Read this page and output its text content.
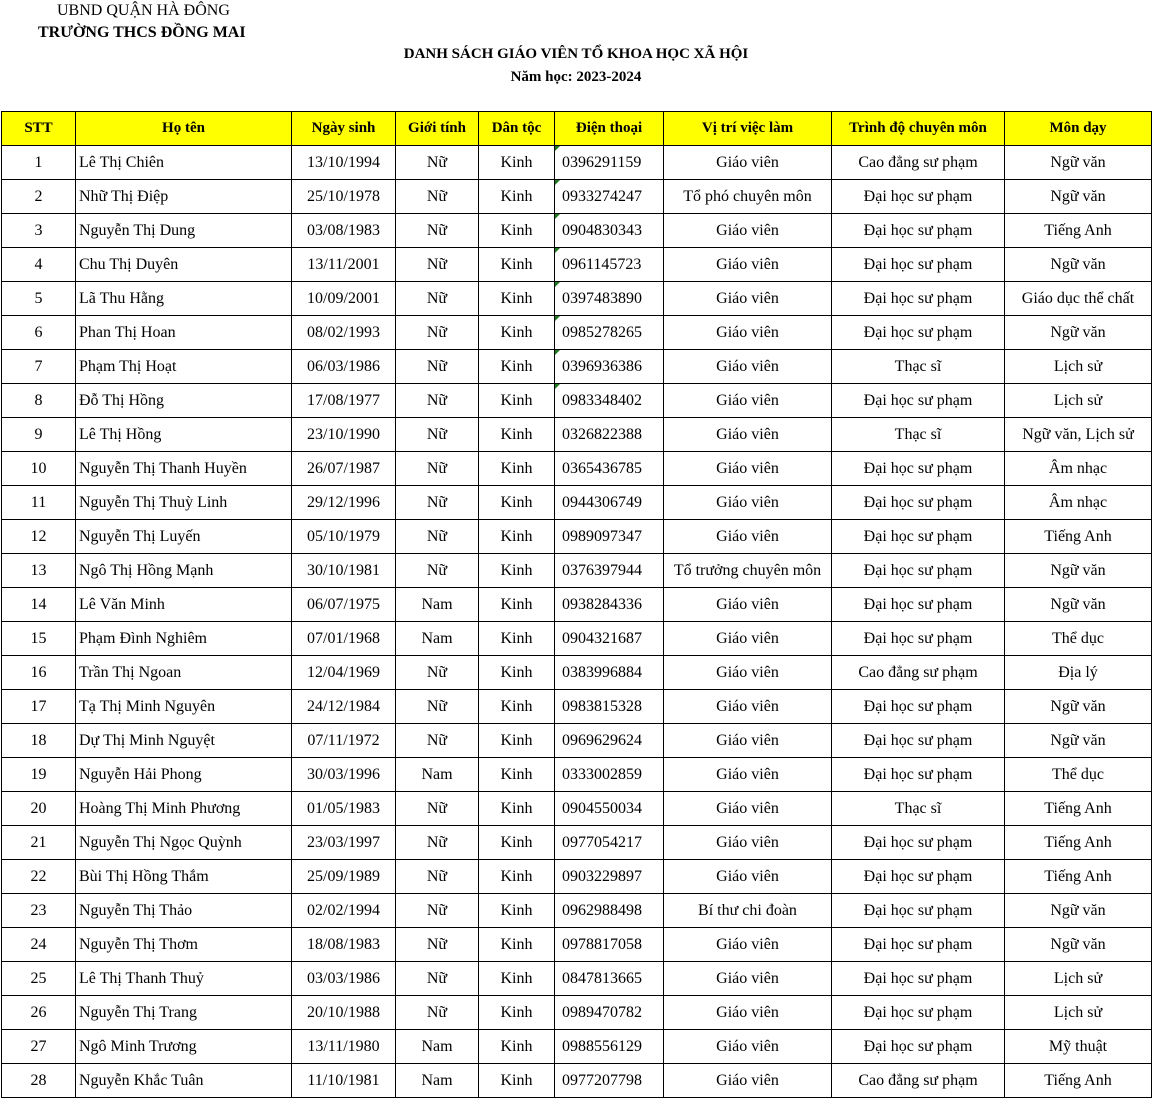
UBND QUẬN HÀ ĐÔNG
TRƯỜNG THCS ĐỒNG MAI
DANH SÁCH GIÁO VIÊN TỔ KHOA HỌC XÃ HỘI
Năm học: 2023-2024
STT	Họ tên	Ngày sinh	Giới tính	Dân tộc	Điện thoại	Vị trí việc làm	Trình độ chuyên môn	Môn dạy
1	Lê Thị Chiên	13/10/1994	Nữ	Kinh	0396291159	Giáo viên	Cao đẳng sư phạm	Ngữ văn
2	Nhữ Thị Điệp	25/10/1978	Nữ	Kinh	0933274247	Tổ phó chuyên môn	Đại học sư phạm	Ngữ văn
3	Nguyễn Thị Dung	03/08/1983	Nữ	Kinh	0904830343	Giáo viên	Đại học sư phạm	Tiếng Anh
4	Chu Thị Duyên	13/11/2001	Nữ	Kinh	0961145723	Giáo viên	Đại học sư phạm	Ngữ văn
5	Lã Thu Hằng	10/09/2001	Nữ	Kinh	0397483890	Giáo viên	Đại học sư phạm	Giáo dục thể chất
6	Phan Thị Hoan	08/02/1993	Nữ	Kinh	0985278265	Giáo viên	Đại học sư phạm	Ngữ văn
7	Phạm Thị Hoạt	06/03/1986	Nữ	Kinh	0396936386	Giáo viên	Thạc sĩ	Lịch sử
8	Đỗ Thị Hồng	17/08/1977	Nữ	Kinh	0983348402	Giáo viên	Đại học sư phạm	Lịch sử
9	Lê Thị Hồng	23/10/1990	Nữ	Kinh	0326822388	Giáo viên	Thạc sĩ	Ngữ văn, Lịch sử
10	Nguyễn Thị Thanh Huyền	26/07/1987	Nữ	Kinh	0365436785	Giáo viên	Đại học sư phạm	Âm nhạc
11	Nguyễn Thị Thuỳ Linh	29/12/1996	Nữ	Kinh	0944306749	Giáo viên	Đại học sư phạm	Âm nhạc
12	Nguyễn Thị Luyến	05/10/1979	Nữ	Kinh	0989097347	Giáo viên	Đại học sư phạm	Tiếng Anh
13	Ngô Thị Hồng Mạnh	30/10/1981	Nữ	Kinh	0376397944	Tổ trưởng chuyên môn	Đại học sư phạm	Ngữ văn
14	Lê Văn Minh	06/07/1975	Nam	Kinh	0938284336	Giáo viên	Đại học sư phạm	Ngữ văn
15	Phạm Đình Nghiêm	07/01/1968	Nam	Kinh	0904321687	Giáo viên	Đại học sư phạm	Thể dục
16	Trần Thị Ngoan	12/04/1969	Nữ	Kinh	0383996884	Giáo viên	Cao đẳng sư phạm	Địa lý
17	Tạ Thị Minh Nguyên	24/12/1984	Nữ	Kinh	0983815328	Giáo viên	Đại học sư phạm	Ngữ văn
18	Dự Thị Minh Nguyệt	07/11/1972	Nữ	Kinh	0969629624	Giáo viên	Đại học sư phạm	Ngữ văn
19	Nguyễn Hải Phong	30/03/1996	Nam	Kinh	0333002859	Giáo viên	Đại học sư phạm	Thể dục
20	Hoàng Thị Minh Phương	01/05/1983	Nữ	Kinh	0904550034	Giáo viên	Thạc sĩ	Tiếng Anh
21	Nguyễn Thị Ngọc Quỳnh	23/03/1997	Nữ	Kinh	0977054217	Giáo viên	Đại học sư phạm	Tiếng Anh
22	Bùi Thị Hồng Thắm	25/09/1989	Nữ	Kinh	0903229897	Giáo viên	Đại học sư phạm	Tiếng Anh
23	Nguyễn Thị Thảo	02/02/1994	Nữ	Kinh	0962988498	Bí thư chi đoàn	Đại học sư phạm	Ngữ văn
24	Nguyễn Thị Thơm	18/08/1983	Nữ	Kinh	0978817058	Giáo viên	Đại học sư phạm	Ngữ văn
25	Lê Thị Thanh Thuỷ	03/03/1986	Nữ	Kinh	0847813665	Giáo viên	Đại học sư phạm	Lịch sử
26	Nguyễn Thị Trang	20/10/1988	Nữ	Kinh	0989470782	Giáo viên	Đại học sư phạm	Lịch sử
27	Ngô Minh Trương	13/11/1980	Nam	Kinh	0988556129	Giáo viên	Đại học sư phạm	Mỹ thuật
28	Nguyễn Khắc Tuân	11/10/1981	Nam	Kinh	0977207798	Giáo viên	Cao đẳng sư phạm	Tiếng Anh
